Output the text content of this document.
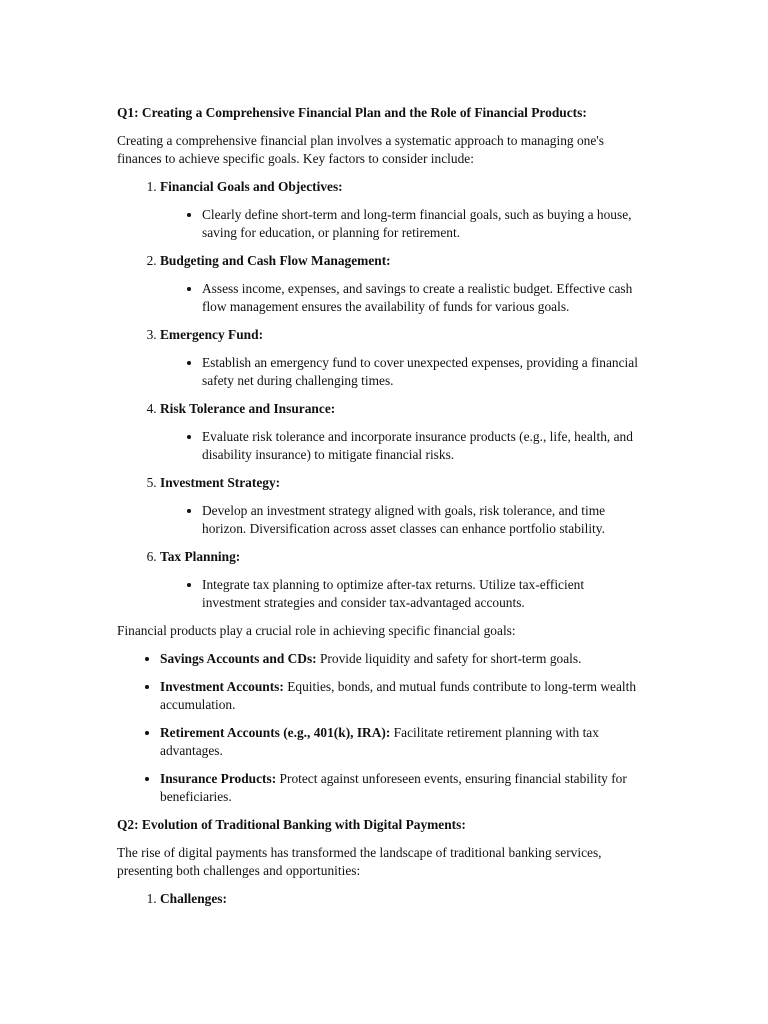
Q1: Creating a Comprehensive Financial Plan and the Role of Financial Products:

Creating a comprehensive financial plan involves a systematic approach to managing one's finances to achieve specific goals. Key factors to consider include:

1. Financial Goals and Objectives:
• Clearly define short-term and long-term financial goals, such as buying a house, saving for education, or planning for retirement.
2. Budgeting and Cash Flow Management:
• Assess income, expenses, and savings to create a realistic budget. Effective cash flow management ensures the availability of funds for various goals.
3. Emergency Fund:
• Establish an emergency fund to cover unexpected expenses, providing a financial safety net during challenging times.
4. Risk Tolerance and Insurance:
• Evaluate risk tolerance and incorporate insurance products (e.g., life, health, and disability insurance) to mitigate financial risks.
5. Investment Strategy:
• Develop an investment strategy aligned with goals, risk tolerance, and time horizon. Diversification across asset classes can enhance portfolio stability.
6. Tax Planning:
• Integrate tax planning to optimize after-tax returns. Utilize tax-efficient investment strategies and consider tax-advantaged accounts.

Financial products play a crucial role in achieving specific financial goals:

• Savings Accounts and CDs: Provide liquidity and safety for short-term goals.
• Investment Accounts: Equities, bonds, and mutual funds contribute to long-term wealth accumulation.
• Retirement Accounts (e.g., 401(k), IRA): Facilitate retirement planning with tax advantages.
• Insurance Products: Protect against unforeseen events, ensuring financial stability for beneficiaries.
Q2: Evolution of Traditional Banking with Digital Payments:

The rise of digital payments has transformed the landscape of traditional banking services, presenting both challenges and opportunities:

1. Challenges:
